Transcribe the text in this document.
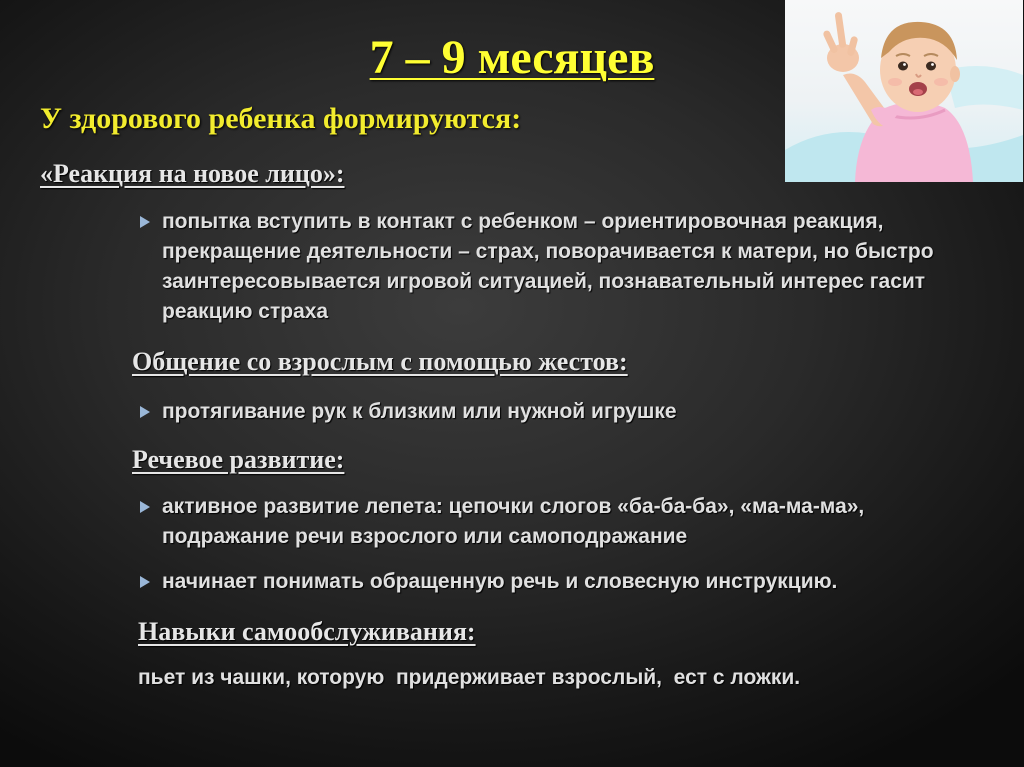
7 – 9 месяцев
У здорового ребенка формируются:
«Реакция на новое лицо»:
попытка вступить в контакт с ребенком – ориентировочная реакция, прекращение деятельности – страх, поворачивается к матери, но быстро заинтересовывается игровой ситуацией, познавательный интерес гасит реакцию страха
Общение со взрослым с помощью жестов:
протягивание рук к близким или нужной игрушке
Речевое развитие:
активное развитие лепета: цепочки слогов «ба-ба-ба», «ма-ма-ма», подражание речи взрослого или самоподражание
начинает понимать обращенную речь и словесную инструкцию.
Навыки самообслуживания:
пьет из чашки, которую  придерживает взрослый,  ест с ложки.
